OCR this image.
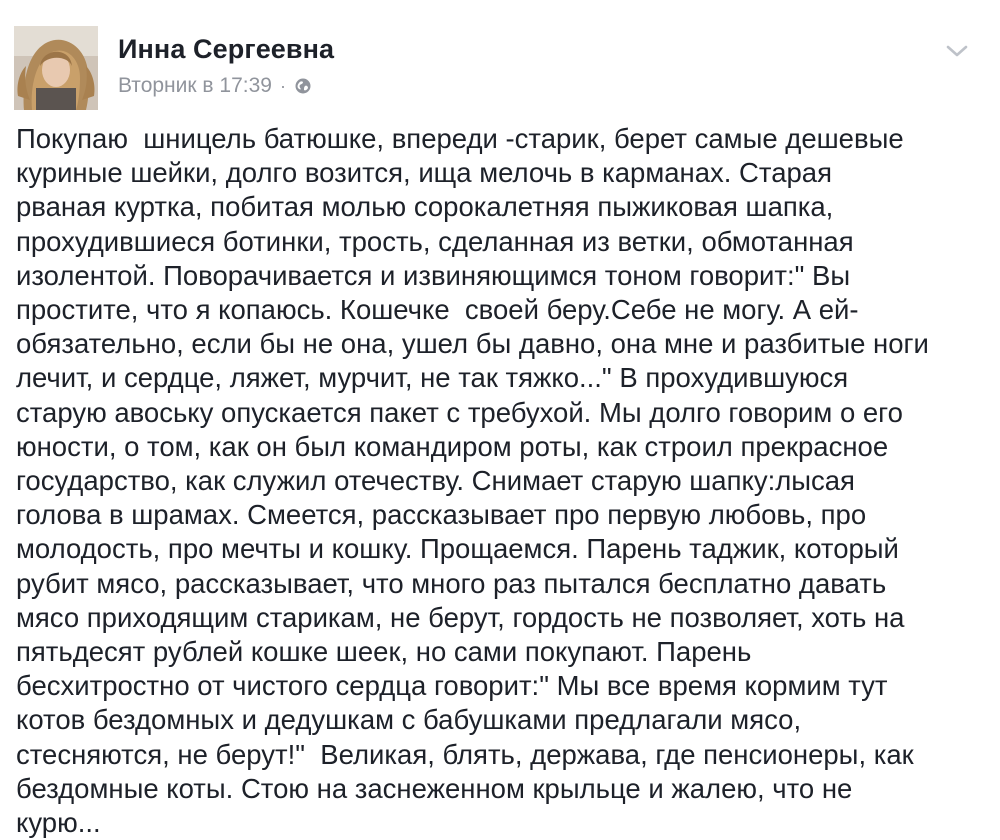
Инна Сергеевна
Вторник в 17:39 ·
Покупаю  шницель батюшке, впереди -старик, берет самые дешевые
куриные шейки, долго возится, ища мелочь в карманах. Старая
рваная куртка, побитая молью сорокалетняя пыжиковая шапка,
прохудившиеся ботинки, трость, сделанная из ветки, обмотанная
изолентой. Поворачивается и извиняющимся тоном говорит:" Вы
простите, что я копаюсь. Кошечке  своей беру.Себе не могу. А ей-
обязательно, если бы не она, ушел бы давно, она мне и разбитые ноги
лечит, и сердце, ляжет, мурчит, не так тяжко..." В прохудившуюся
старую авоську опускается пакет с требухой. Мы долго говорим о его
юности, о том, как он был командиром роты, как строил прекрасное
государство, как служил отечеству. Снимает старую шапку:лысая
голова в шрамах. Смеется, рассказывает про первую любовь, про
молодость, про мечты и кошку. Прощаемся. Парень таджик, который
рубит мясо, рассказывает, что много раз пытался бесплатно давать
мясо приходящим старикам, не берут, гордость не позволяет, хоть на
пятьдесят рублей кошке шеек, но сами покупают. Парень
бесхитростно от чистого сердца говорит:" Мы все время кормим тут
котов бездомных и дедушкам с бабушками предлагали мясо,
стесняются, не берут!"  Великая, блять, держава, где пенсионеры, как
бездомные коты. Стою на заснеженном крыльце и жалею, что не
курю...
